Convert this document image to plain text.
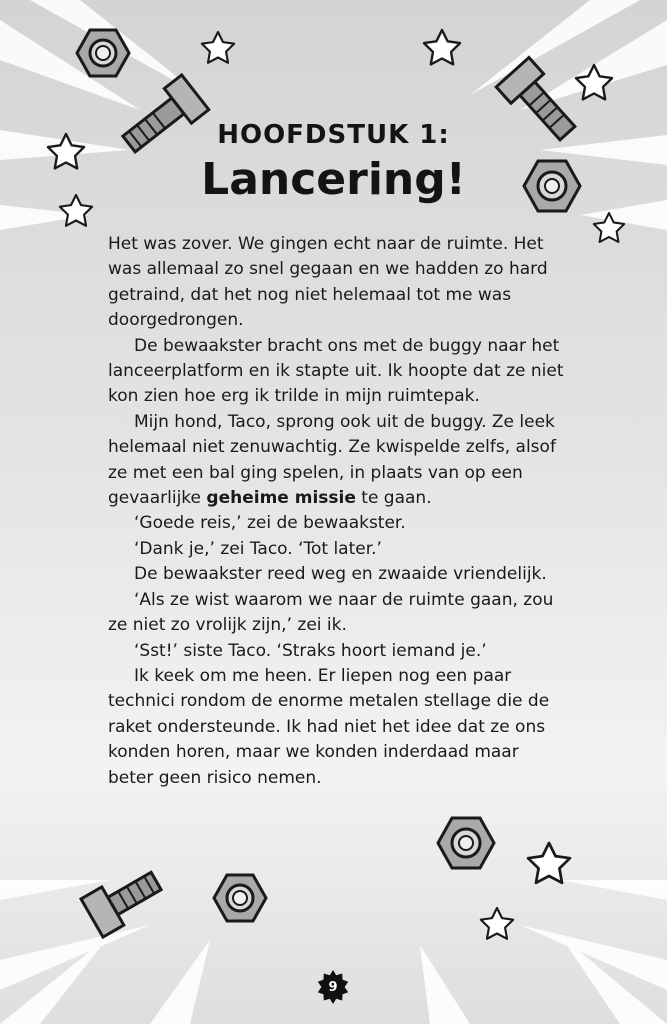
HOOFDSTUK 1:
Lancering!

Het was zover. We gingen echt naar de ruimte. Het was allemaal zo snel gegaan en we hadden zo hard getraind, dat het nog niet helemaal tot me was doorgedrongen.

De bewaakster bracht ons met de buggy naar het lanceerplatform en ik stapte uit. Ik hoopte dat ze niet kon zien hoe erg ik trilde in mijn ruimtepak.

Mijn hond, Taco, sprong ook uit de buggy. Ze leek helemaal niet zenuwachtig. Ze kwispelde zelfs, alsof ze met een bal ging spelen, in plaats van op een gevaarlijke geheime missie te gaan.

‘Goede reis,’ zei de bewaakster.

‘Dank je,’ zei Taco. ‘Tot later.’

De bewaakster reed weg en zwaaide vriendelijk.

‘Als ze wist waarom we naar de ruimte gaan, zou ze niet zo vrolijk zijn,’ zei ik.

‘Sst!’ siste Taco. ‘Straks hoort iemand je.’

Ik keek om me heen. Er liepen nog een paar technici rondom de enorme metalen stellage die de raket ondersteunde. Ik had niet het idee dat ze ons konden horen, maar we konden inderdaad maar beter geen risico nemen.

9
